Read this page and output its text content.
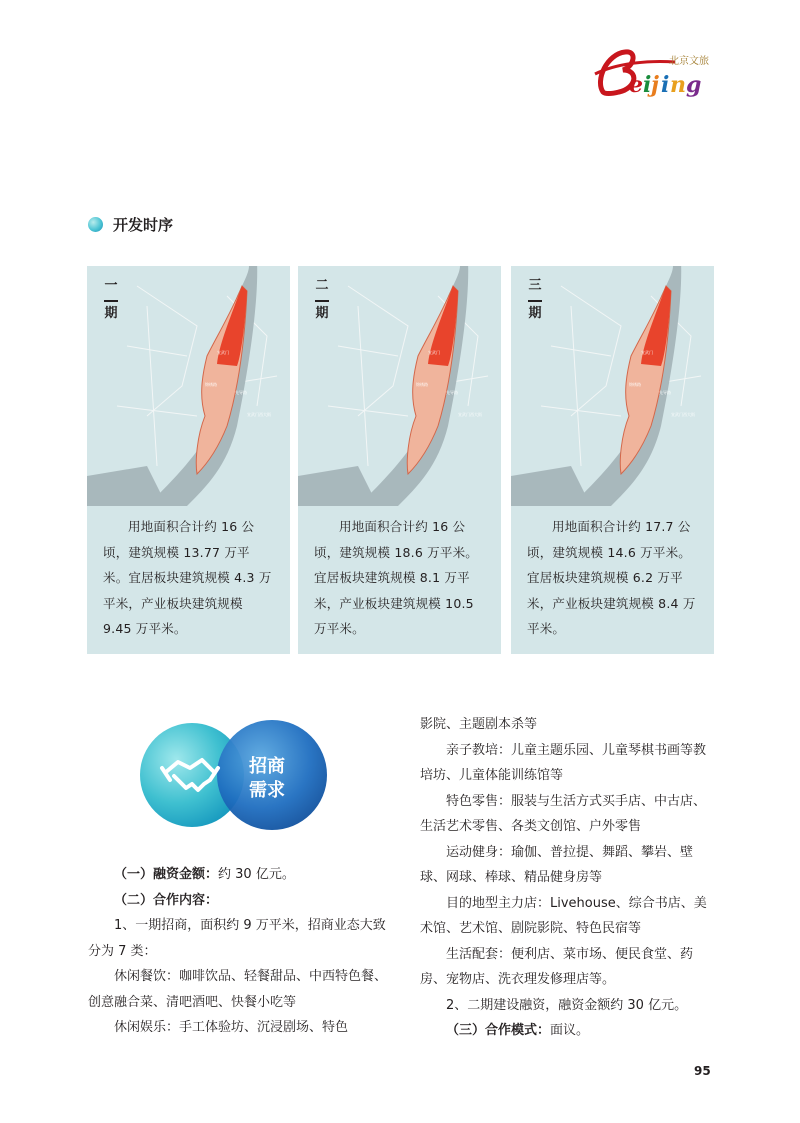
e i j i n g
北京文旅
开发时序
宣武门
先导路
锦绣路
宣武门西大街
一
期
用地面积合计约 16 公顷，建筑规模 13.77 万平米。宜居板块建筑规模 4.3 万平米，产业板块建筑规模 9.45 万平米。
宣武门
先导路
锦绣路
宣武门西大街
二
期
用地面积合计约 16 公顷，建筑规模 18.6 万平米。宜居板块建筑规模 8.1 万平米，产业板块建筑规模 10.5 万平米。
宣武门
先导路
锦绣路
宣武门西大街
三
期
用地面积合计约 17.7 公顷，建筑规模 14.6 万平米。宜居板块建筑规模 6.2 万平米，产业板块建筑规模 8.4 万平米。
招商
需求

（一）融资金额：约 30 亿元。

（二）合作内容：

1、一期招商，面积约 9 万平米，招商业态大致分为 7 类：

休闲餐饮：咖啡饮品、轻餐甜品、中西特色餐、创意融合菜、清吧酒吧、快餐小吃等

休闲娱乐：手工体验坊、沉浸剧场、特色

影院、主题剧本杀等

亲子教培：儿童主题乐园、儿童琴棋书画等教培坊、儿童体能训练馆等

特色零售：服装与生活方式买手店、中古店、生活艺术零售、各类文创馆、户外零售

运动健身：瑜伽、普拉提、舞蹈、攀岩、壁球、网球、棒球、精品健身房等

目的地型主力店：Livehouse、综合书店、美术馆、艺术馆、剧院影院、特色民宿等

生活配套：便利店、菜市场、便民食堂、药房、宠物店、洗衣理发修理店等。

2、二期建设融资，融资金额约 30 亿元。

（三）合作模式：面议。

95
